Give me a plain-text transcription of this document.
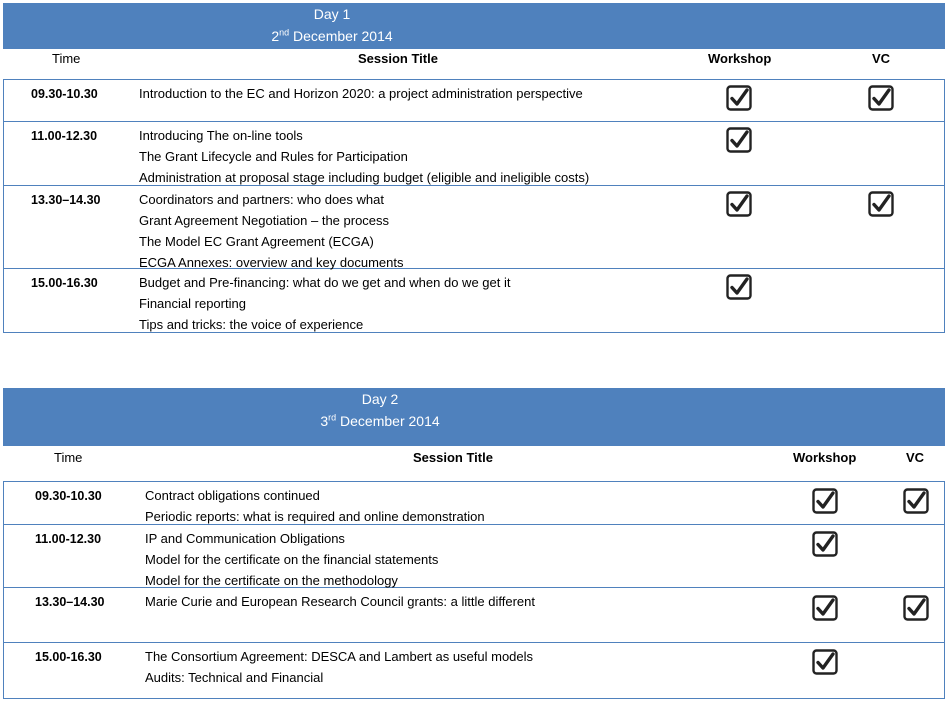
Day 1
2nd December 2014
Time	Session Title	Workshop	VC
09.30-10.30	Introduction to the EC and Horizon 2020: a project administration perspective
11.00-12.30	Introducing The on-line tools
The Grant Lifecycle and Rules for Participation
Administration at proposal stage including budget (eligible and ineligible costs)
13.30–14.30	Coordinators and partners: who does what
Grant Agreement Negotiation – the process
The Model EC Grant Agreement (ECGA)
ECGA Annexes: overview and key documents
15.00-16.30	Budget and Pre-financing: what do we get and when do we get it
Financial reporting
Tips and tricks: the voice of experience
Day 2
3rd December 2014
Time	Session Title	Workshop	VC
09.30-10.30	Contract obligations continued
Periodic reports: what is required and online demonstration
11.00-12.30	IP and Communication Obligations
Model for the certificate on the financial statements
Model for the certificate on the methodology
13.30–14.30	Marie Curie and European Research Council grants: a little different
15.00-16.30	The Consortium Agreement: DESCA and Lambert as useful models
Audits: Technical and Financial
